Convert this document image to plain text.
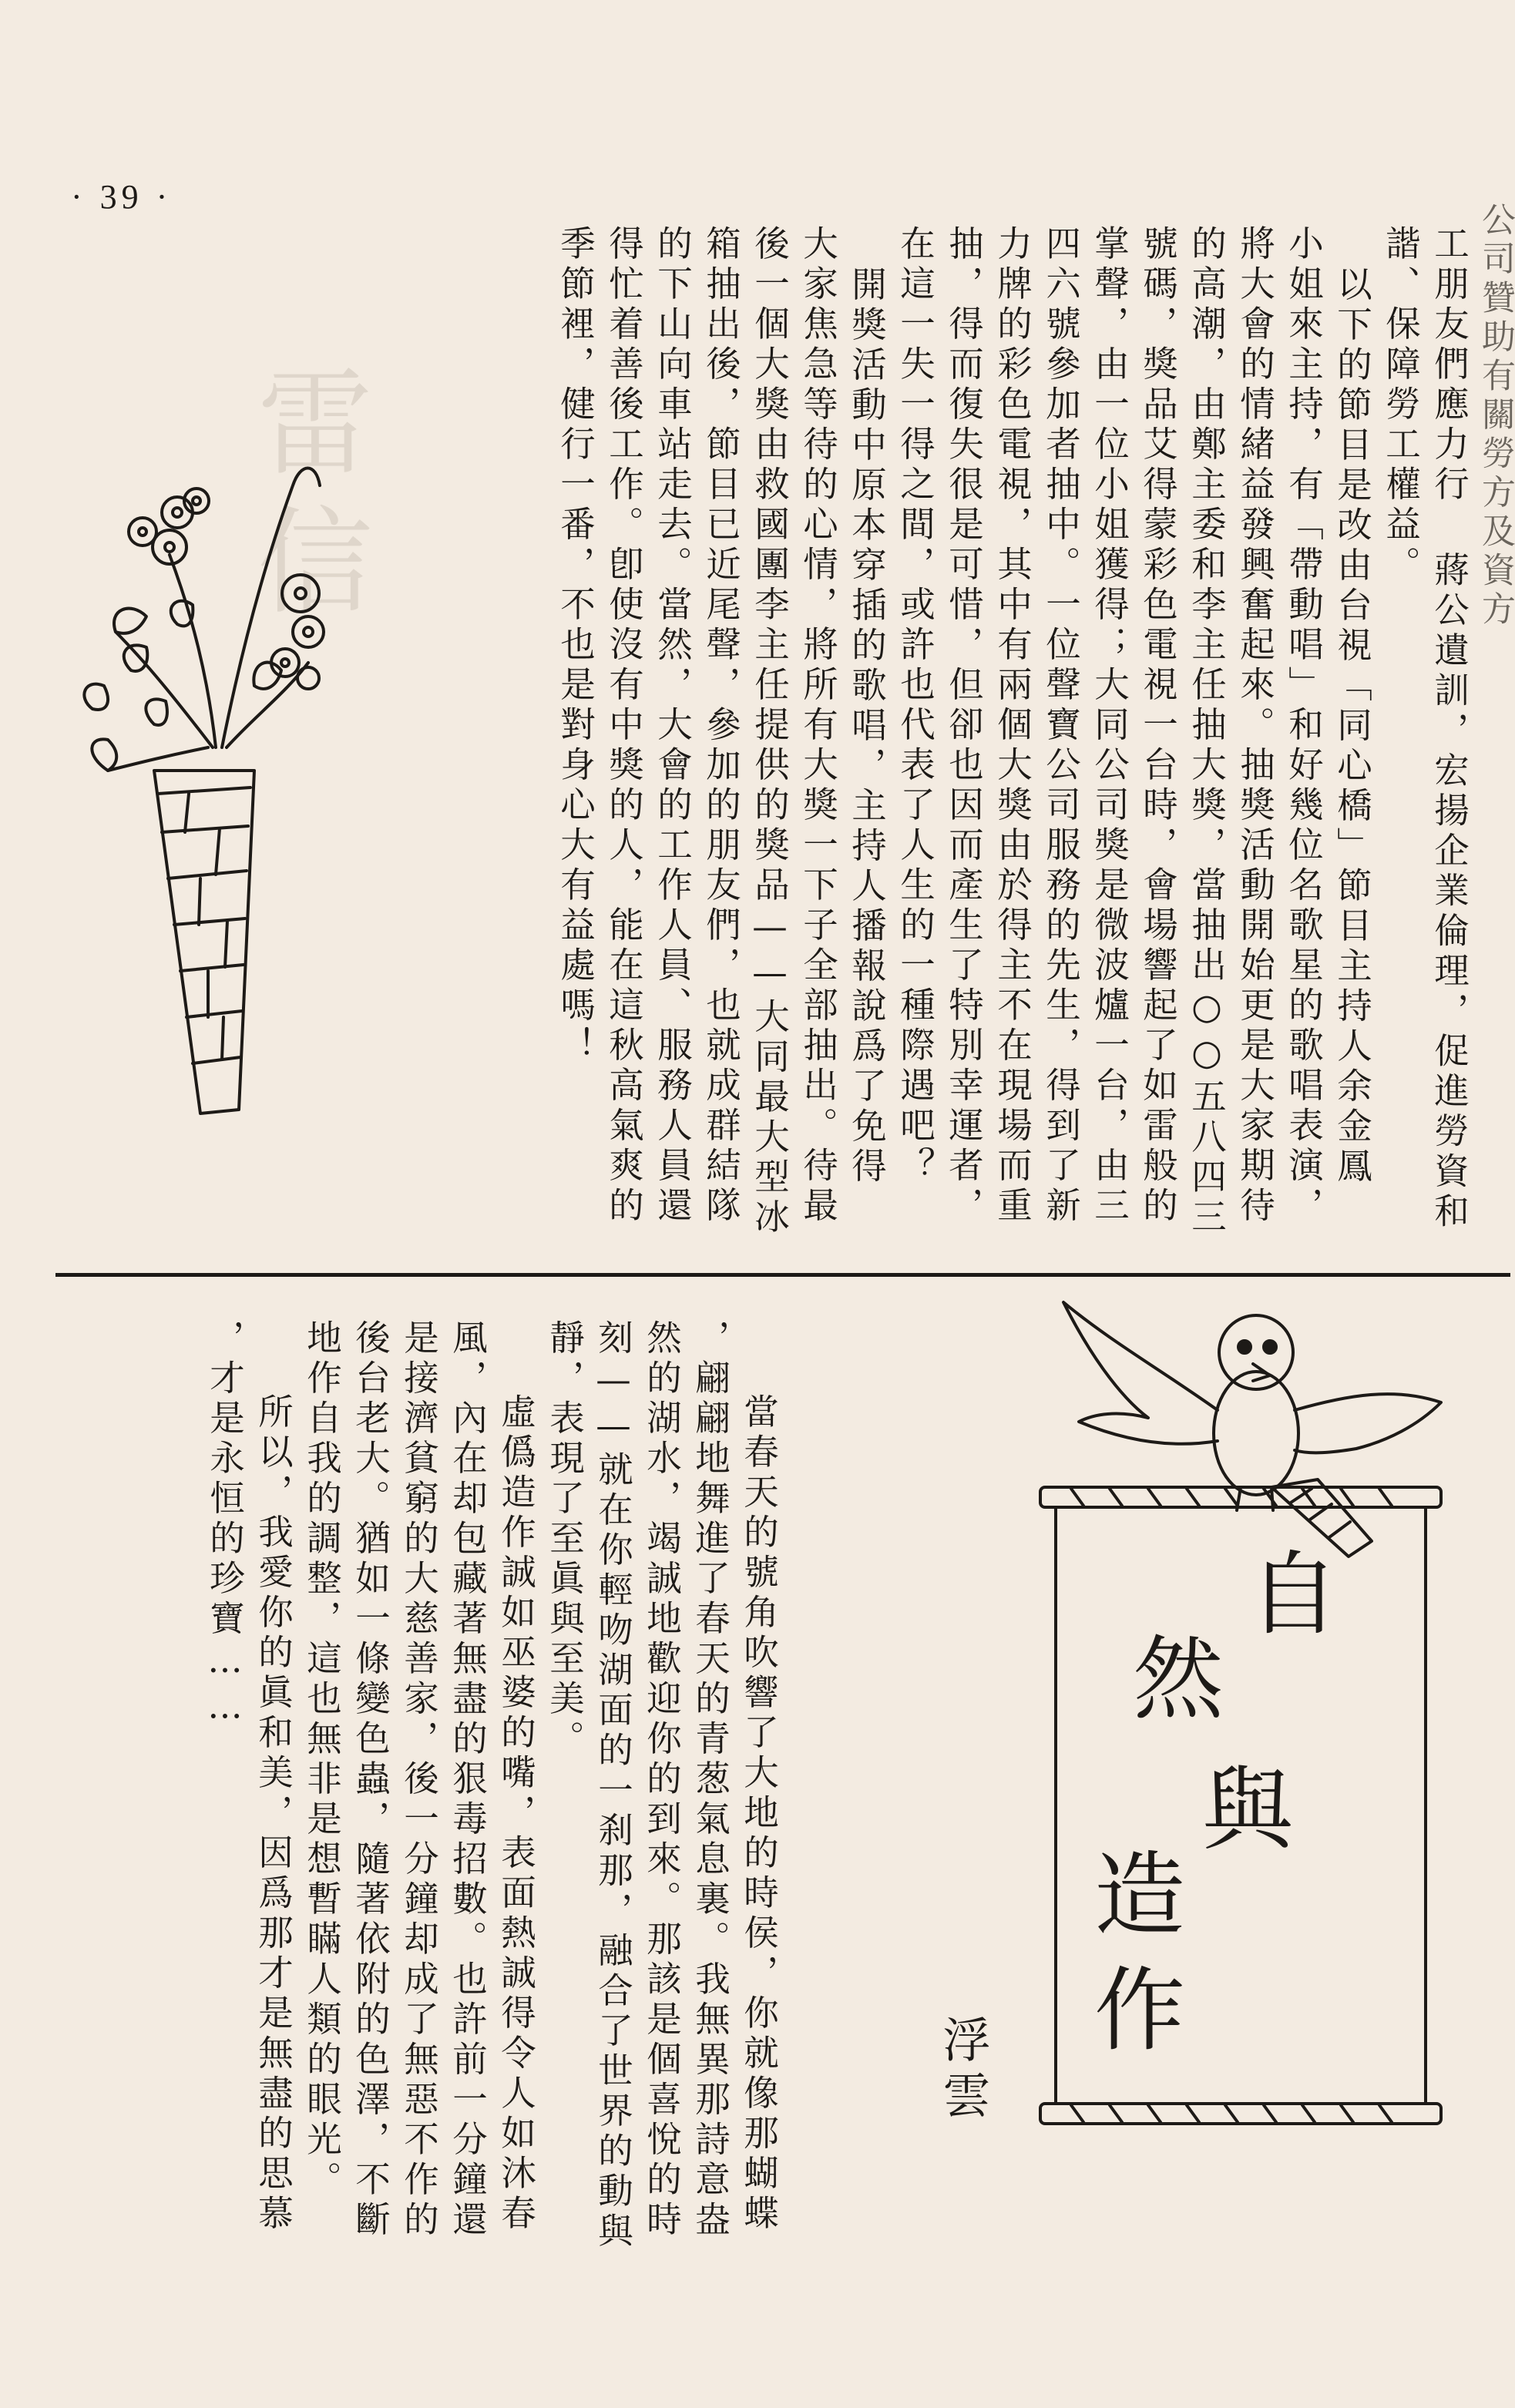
雷信
· 39 ·
公司贊助有關勞方及資方
工朋友們應力行 蔣公遺訓，宏揚企業倫理，促進勞資和
諧、保障勞工權益。
以下的節目是改由台視「同心橋」節目主持人余金鳳
小姐來主持，有「帶動唱」和好幾位名歌星的歌唱表演，
將大會的情緒益發興奮起來。抽獎活動開始更是大家期待
的高潮，由鄭主委和李主任抽大獎，當抽出○○五八四三
號碼，獎品艾得蒙彩色電視一台時，會場響起了如雷般的
掌聲，由一位小姐獲得；大同公司獎是微波爐一台，由三
四六號參加者抽中。一位聲寶公司服務的先生，得到了新
力牌的彩色電視，其中有兩個大獎由於得主不在現場而重
抽，得而復失很是可惜，但卻也因而產生了特別幸運者，
在這一失一得之間，或許也代表了人生的一種際遇吧？
開獎活動中原本穿插的歌唱，主持人播報說爲了免得
大家焦急等待的心情，將所有大獎一下子全部抽出。待最
後一個大獎由救國團李主任提供的獎品——大同最大型冰
箱抽出後，節目已近尾聲，參加的朋友們，也就成群結隊
的下山向車站走去。當然，大會的工作人員、服務人員還
得忙着善後工作。卽使沒有中獎的人，能在這秋高氣爽的
季節裡，健行一番，不也是對身心大有益處嗎！
自
然
與
造
作
浮雲
當春天的號角吹響了大地的時侯，你就像那蝴蝶
，翩翩地舞進了春天的青葱氣息裏。我無異那詩意盎
然的湖水，竭誠地歡迎你的到來。那該是個喜悅的時
刻——就在你輕吻湖面的一刹那，融合了世界的動與
靜，表現了至眞與至美。
虛僞造作誠如巫婆的嘴，表面熱誠得令人如沐春
風，內在却包藏著無盡的狠毒招數。也許前一分鐘還
是接濟貧窮的大慈善家，後一分鐘却成了無惡不作的
後台老大。猶如一條變色蟲，隨著依附的色澤，不斷
地作自我的調整，這也無非是想暫瞞人類的眼光。
所以，我愛你的眞和美，因爲那才是無盡的思慕
，才是永恒的珍寶……
